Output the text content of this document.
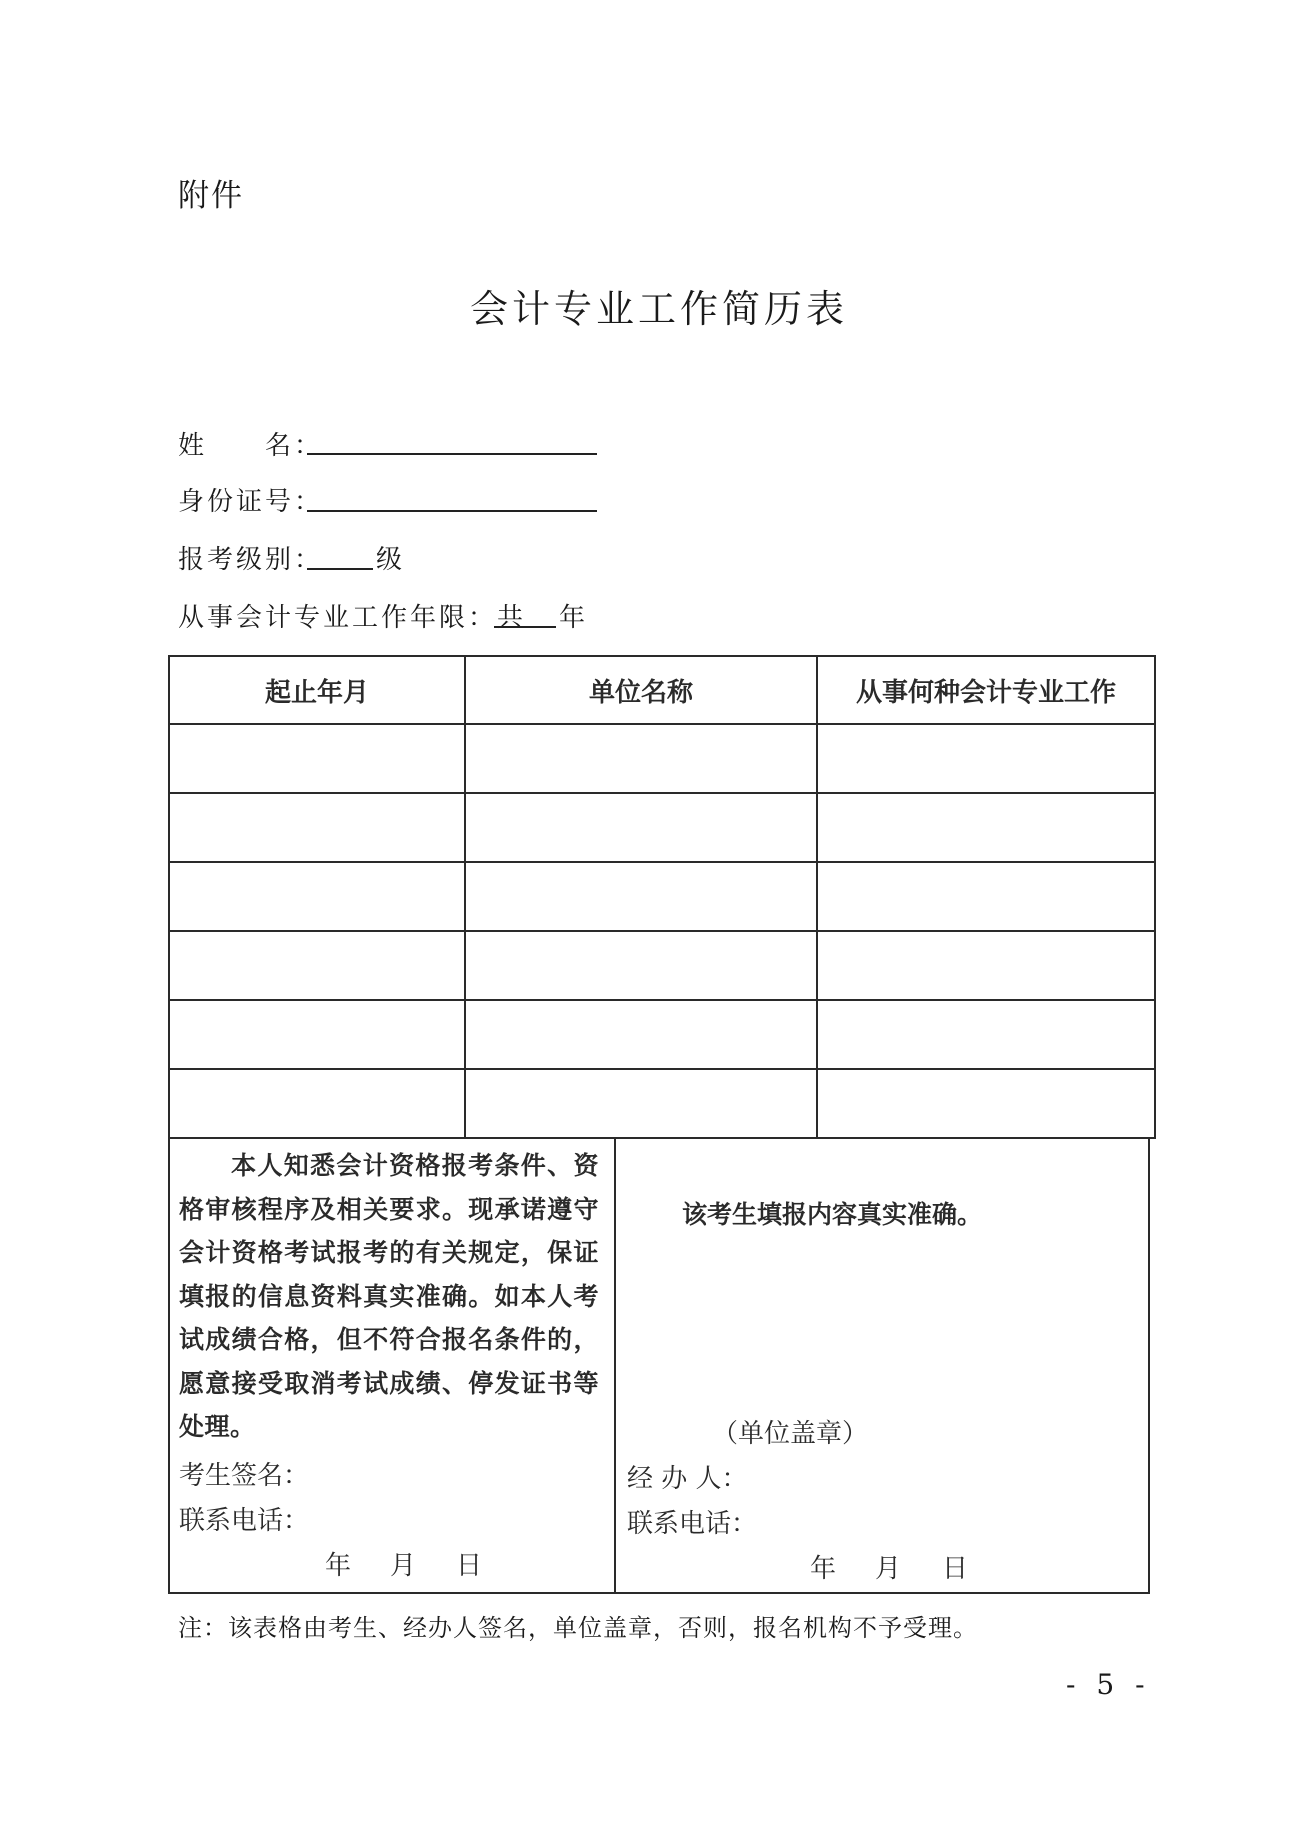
附件
会计专业工作简历表
姓　　名：
身份证号：
报考级别： 级
从事会计专业工作年限：共 年
起止年月	单位名称	从事何种会计专业工作

本人知悉会计资格报考条件、资格审核程序及相关要求。现承诺遵守会计资格考试报考的有关规定，保证填报的信息资料真实准确。如本人考试成绩合格，但不符合报名条件的，愿意接受取消考试成绩、停发证书等处理。
考生签名：
联系电话：
年 月 日
该考生填报内容真实准确。
（单位盖章）
经 办 人：
联系电话：
年 月 日
注：该表格由考生、经办人签名，单位盖章，否则，报名机构不予受理。
- 5 -
